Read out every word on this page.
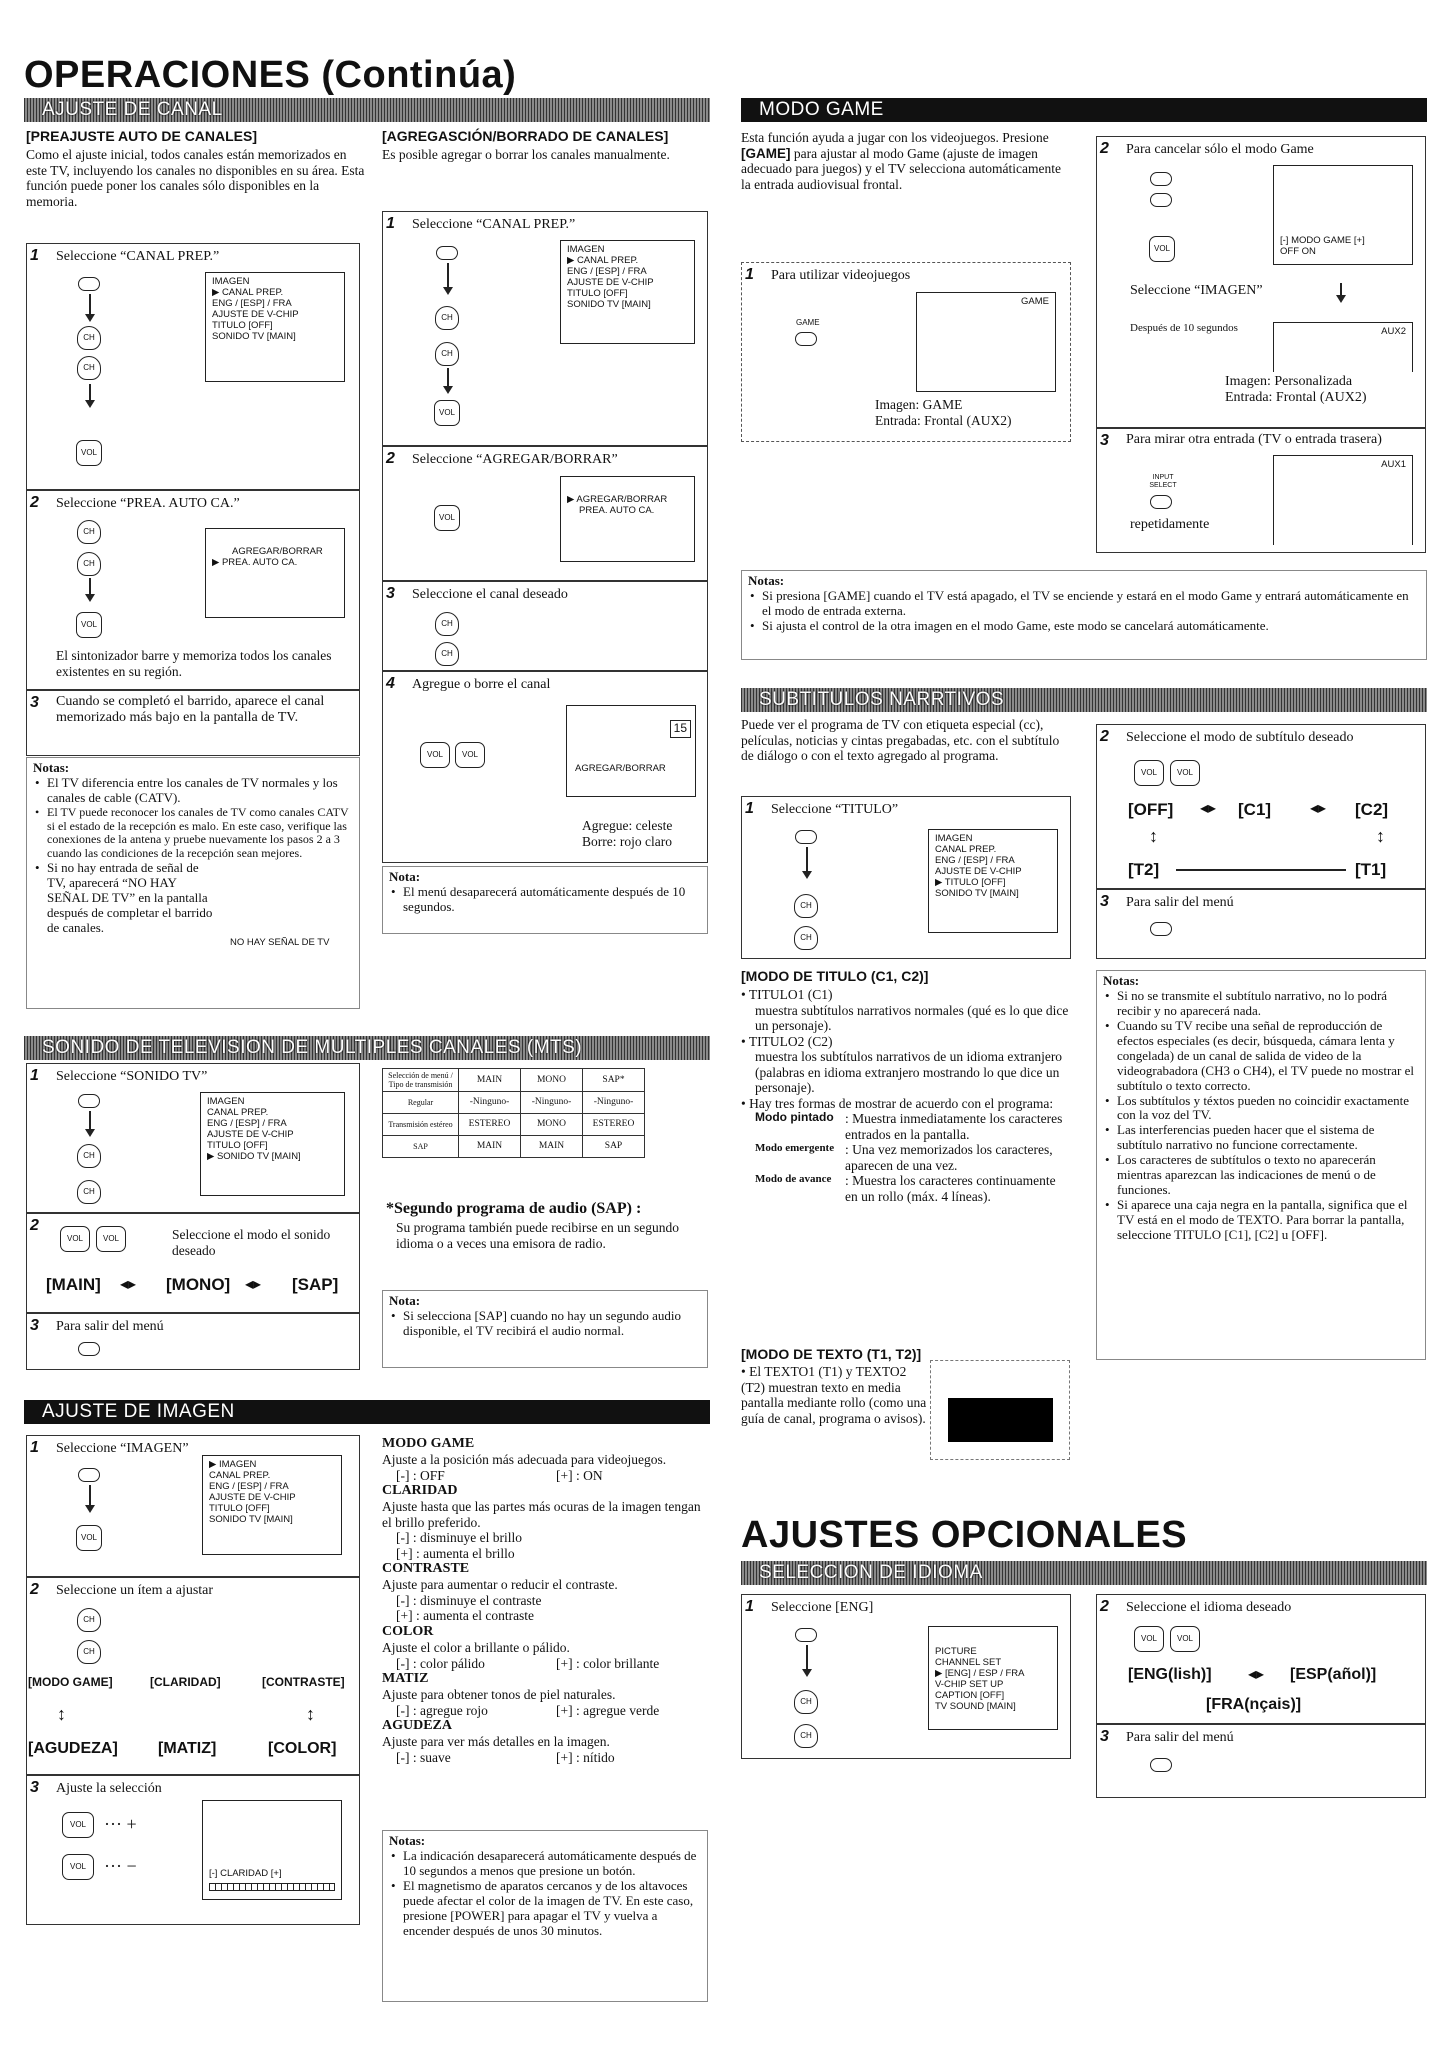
OPERACIONES (Continúa)
AJUSTE DE CANAL
[PREAJUSTE AUTO DE CANALES]
Como el ajuste inicial, todos canales están memorizados en este TV, incluyendo los canales no disponibles en su área. Esta función puede poner los canales sólo disponibles en la memoria.
1 Seleccione “CANAL PREP.”
CH
CH
VOL
IMAGEN
▶ CANAL PREP.
ENG / [ESP] / FRA
AJUSTE DE V-CHIP
TITULO [OFF]
SONIDO TV [MAIN]
2 Seleccione “PREA. AUTO CA.”
CH
CH
VOL
AGREGAR/BORRAR
▶ PREA. AUTO CA.
El sintonizador barre y memoriza todos los canales existentes en su región.
3	Cuando se completó el barrido, aparece el canal memorizado más bajo en la pantalla de TV.
Notas:
• El TV diferencia entre los canales de TV normales y los canales de cable (CATV).
• El TV puede reconocer los canales de TV como canales CATV si el estado de la recepción es malo. En este caso, verifique las conexiones de la antena y pruebe nuevamente los pasos 2 a 3 cuando las condiciones de la recepción sean mejores.
• Si no hay entrada de señal de TV, aparecerá “NO HAY SEÑAL DE TV” en la pantalla después de completar el barrido de canales.
NO HAY SEÑAL DE TV
[AGREGASCIÓN/BORRADO DE CANALES]
Es posible agregar o borrar los canales manualmente.
1 Seleccione “CANAL PREP.”
CH
CH
VOL
IMAGEN
▶ CANAL PREP.
ENG / [ESP] / FRA
AJUSTE DE V-CHIP
TITULO [OFF]
SONIDO TV [MAIN]
2 Seleccione “AGREGAR/BORRAR”
VOL
▶ AGREGAR/BORRAR
PREA. AUTO CA.
3 Seleccione el canal deseado
CH
CH
4 Agregue o borre el canal
VOL	VOL
AGREGAR/BORRAR
15
Agregue: celeste
Borre: rojo claro
Nota:
• El menú desaparecerá automáticamente después de 10 segundos.
MODO GAME
Esta función ayuda a jugar con los videojuegos. Presione [GAME] para ajustar al modo Game (ajuste de imagen adecuado para juegos) y el TV selecciona automáticamente la entrada audiovisual frontal.
1 Para utilizar videojuegos
GAME
GAME
Imagen: GAME
Entrada: Frontal (AUX2)
2 Para cancelar sólo el modo Game
VOL
[-] MODO GAME [+]
OFF ON
Seleccione “IMAGEN”
Después de 10 segundos	AUX2
Imagen: Personalizada
Entrada: Frontal (AUX2)
3	Para mirar otra entrada (TV o entrada trasera)
INPUT SELECT
AUX1
repetidamente
Notas:
• Si presiona [GAME] cuando el TV está apagado, el TV se enciende y estará en el modo Game y entrará automáticamente en el modo de entrada externa.
• Si ajusta el control de la otra imagen en el modo Game, este modo se cancelará automáticamente.
SONIDO DE TELEVISION DE MULTIPLES CANALES (MTS)
1 Seleccione “SONIDO TV”
CH
CH
IMAGEN
CANAL PREP.
ENG / [ESP] / FRA
AJUSTE DE V-CHIP
TITULO [OFF]
▶ SONIDO TV [MAIN]
2
VOL	VOL	Seleccione el modo el sonido deseado
[MAIN]	[MONO]	[SAP]
◂▸	◂▸
3 Para salir del menú
Selección de menú / Tipo de transmisión	MAIN	MONO	SAP*
Regular	-Ninguno-	-Ninguno-	-Ninguno-
Transmisión estéreo	ESTEREO	MONO	ESTEREO
SAP	MAIN	MAIN	SAP
*Segundo programa de audio (SAP) :
Su programa también puede recibirse en un segundo idioma o a veces una emisora de radio.
Nota:
• Si selecciona [SAP] cuando no hay un segundo audio disponible, el TV recibirá el audio normal.
SUBTITULOS NARRTIVOS
Puede ver el programa de TV con etiqueta especial (cc), películas, noticias y cintas pregabadas, etc. con el subtítulo de diálogo o con el texto agregado al programa.
1 Seleccione “TITULO”
CH
CH
IMAGEN
CANAL PREP.
ENG / [ESP] / FRA
AJUSTE DE V-CHIP
▶ TITULO [OFF]
SONIDO TV [MAIN]
2 Seleccione el modo de subtítulo deseado
VOL	VOL
[OFF]	[C1]	[C2]
[T2]	[T1]
◂▸	◂▸
↕	↕
3 Para salir del menú
[MODO DE TITULO (C1, C2)]
• TITULO1 (C1)
muestra subtítulos narrativos normales (qué es lo que dice un personaje).
• TITULO2 (C2)
muestra los subtítulos narrativos de un idioma extranjero (palabras en idioma extranjero mostrando lo que dice un personaje).
• Hay tres formas de mostrar de acuerdo con el programa:
Modo pintado : Muestra inmediatamente los caracteres entrados en la pantalla.
Modo emergente : Una vez memorizados los caracteres, aparecen de una vez.
Modo de avance	: Muestra los caracteres continuamente en un rollo (máx. 4 líneas).
[MODO DE TEXTO (T1, T2)]
• El TEXTO1 (T1) y TEXTO2 (T2) muestran texto en media pantalla mediante rollo (como una guía de canal, programa o avisos).
Notas:
• Si no se transmite el subtítulo narrativo, no lo podrá recibir y no aparecerá nada.
• Cuando su TV recibe una señal de reproducción de efectos especiales (es decir, búsqueda, cámara lenta y congelada) de un canal de salida de video de la videograbadora (CH3 o CH4), el TV puede no mostrar el subtítulo o texto correcto.
• Los subtítulos y téxtos pueden no coincidir exactamente con la voz del TV.
• Las interferencias pueden hacer que el sistema de subtítulo narrativo no funcione correctamente.
• Los caracteres de subtítulos o texto no aparecerán mientras aparezcan las indicaciones de menú o de funciones.
• Si aparece una caja negra en la pantalla, significa que el TV está en el modo de TEXTO. Para borrar la pantalla, seleccione TITULO [C1], [C2] u [OFF].
AJUSTE DE IMAGEN
1 Seleccione “IMAGEN”
VOL
▶ IMAGEN
CANAL PREP.
ENG / [ESP] / FRA
AJUSTE DE V-CHIP
TITULO [OFF]
SONIDO TV [MAIN]
2 Seleccione un ítem a ajustar
CH
CH
[MODO GAME]	[CLARIDAD]	[CONTRASTE]
[AGUDEZA]	[MATIZ]	[COLOR]
↕	↕
3 Ajuste la selección
VOL	··· +
VOL	··· −	[-] CLARIDAD [+]
MODO GAME
Ajuste a la posición más adecuada para videojuegos.
[-] : OFF	[+] : ON
CLARIDAD
Ajuste hasta que las partes más ocuras de la imagen tengan el brillo preferido.
[-] : disminuye el brillo
[+] : aumenta el brillo
CONTRASTE
Ajuste para aumentar o reducir el contraste.
[-] : disminuye el contraste
[+] : aumenta el contraste
COLOR
Ajuste el color a brillante o pálido.
[-] : color pálido	[+] : color brillante
MATIZ
Ajuste para obtener tonos de piel naturales.
[-] : agregue rojo	[+] : agregue verde
AGUDEZA
Ajuste para ver más detalles en la imagen.
[-] : suave	[+] : nítido
Notas:
• La indicación desaparecerá automáticamente después de 10 segundos a menos que presione un botón.
• El magnetismo de aparatos cercanos y de los altavoces puede afectar el color de la imagen de TV. En este caso, presione [POWER] para apagar el TV y vuelva a encender después de unos 30 minutos.
AJUSTES OPCIONALES
SELECCION DE IDIOMA
1 Seleccione [ENG]
CH
CH
PICTURE
CHANNEL SET
▶ [ENG] / ESP / FRA
V-CHIP SET UP
CAPTION [OFF]
TV SOUND [MAIN]
2 Seleccione el idioma deseado
VOL	VOL
[ENG(lish)] ◂▸ [ESP(añol)]
[FRA(nçais)]
3 Para salir del menú
